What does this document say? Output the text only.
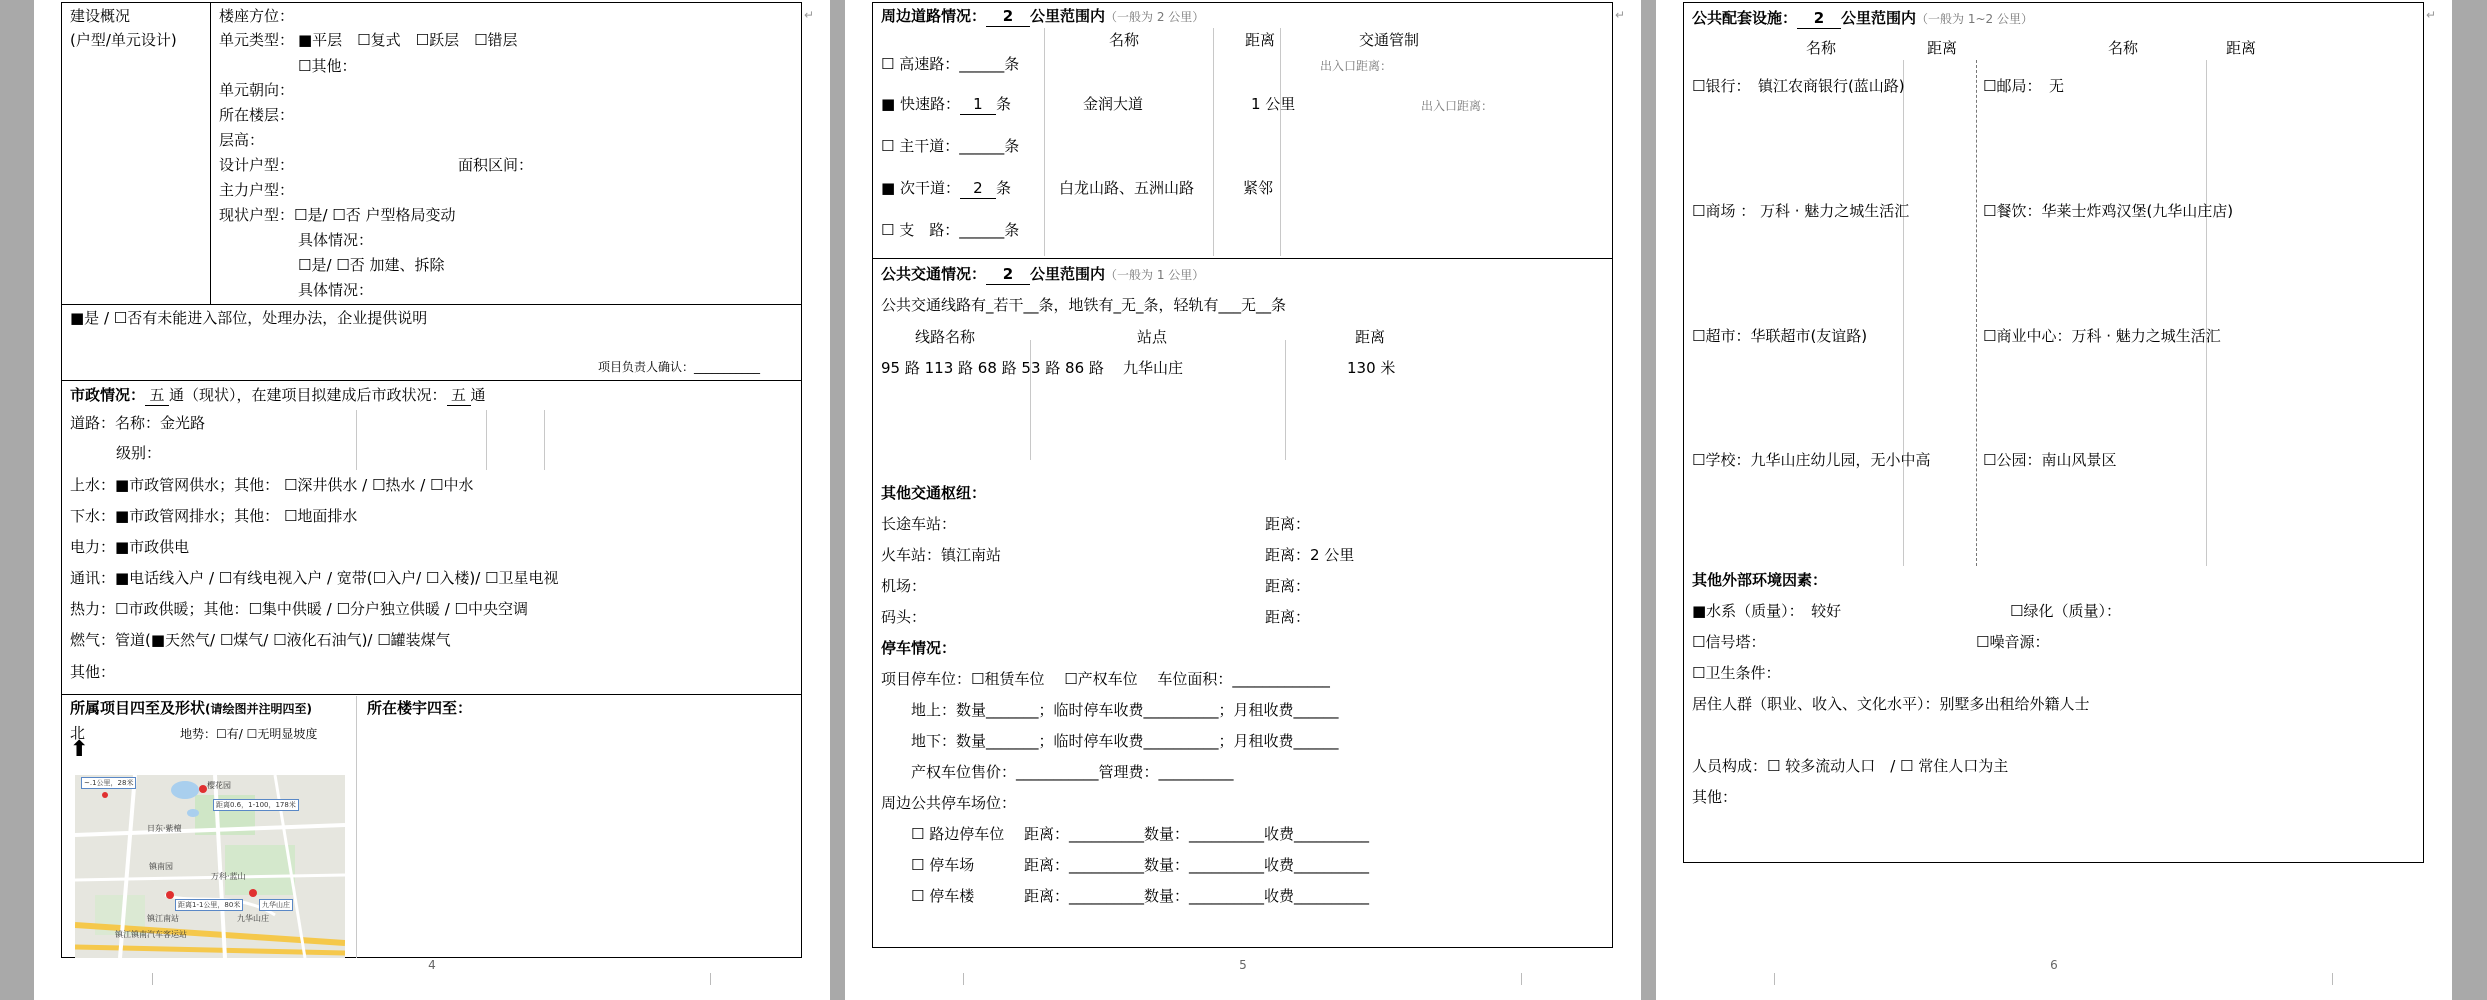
建设概况
(户型/单元设计)
楼座方位：
单元类型： ■平层　☐复式　☐跃层　☐错层
☐其他：
单元朝向：
所在楼层：
层高：
设计户型：	面积区间：
主力户型：
现状户型：☐是/ ☐否 户型格局变动
具体情况：
☐是/ ☐否 加建、拆除
具体情况：
■是 / ☐否有未能进入部位，处理办法，企业提供说明
项目负责人确认：___________
市政情况： 五 通（现状），在建项目拟建成后市政状况： 五 通
道路：名称：金光路
级别：
上水：■市政管网供水；其他： ☐深井供水 / ☐热水 / ☐中水
下水：■市政管网排水；其他： ☐地面排水
电力：■市政供电
通讯：■电话线入户 / ☐有线电视入户 / 宽带(☐入户/ ☐入楼)/ ☐卫星电视
热力：☐市政供暖；其他：☐集中供暖 / ☐分户独立供暖 / ☐中央空调
燃气：管道(■天然气/ ☐煤气/ ☐液化石油气)/ ☐罐装煤气
其他：
所属项目四至及形状(请绘图并注明四至)	所在楼宇四至：
北
⬆
地势：☐有/ ☐无明显坡度
樱花园
距离0.6，1-100，178米
日东·紫檀
镇南园
万科·蓝山
九华山庄
镇江南站
镇江镇南汽车客运站
距离1-1公里，80米	九华山庄
~.1公里，28米
↵
4
周边道路情况： 2 公里范围内（一般为 2 公里）
名称	距离	交通管制
出入口距离：
☐ 高速路：______条
■ 快速路： 1 条	金润大道	1 公里	出入口距离：
☐ 主干道：______条
■ 次干道： 2 条	白龙山路、五洲山路	紧邻
☐ 支　路：______条
公共交通情况： 2 公里范围内（一般为 1 公里）
公共交通线路有_若干__条，地铁有_无_条，轻轨有___无__条
线路名称	站点	距离
95 路 113 路 68 路 53 路 86 路 九华山庄	130 米
其他交通枢纽：
长途车站：	距离：
火车站：镇江南站	距离：2 公里
机场：	距离：
码头：	距离：
停车情况：
项目停车位：☐租赁车位　 ☐产权车位　 车位面积：_____________
地上：数量_______；临时停车收费__________；月租收费______
地下：数量_______；临时停车收费__________；月租收费______
产权车位售价：___________管理费：__________
周边公共停车场位：
☐ 路边停车位　 距离：__________数量：__________收费__________
☐ 停车场　　　 距离：__________数量：__________收费__________
☐ 停车楼　　　 距离：__________数量：__________收费__________
↵
5
公共配套设施： 2 公里范围内（一般为 1~2 公里）
名称	距离	名称	距离
☐银行：　镇江农商银行(蓝山路)	☐邮局：　无
☐商场 ： 万科 · 魅力之城生活汇	☐餐饮：华莱士炸鸡汉堡(九华山庄店)
☐超市：华联超市(友谊路)	☐商业中心：万科 · 魅力之城生活汇
☐学校：九华山庄幼儿园，无小中高	☐公园：南山风景区
其他外部环境因素：
■水系（质量）：　较好	☐绿化（质量）：
☐信号塔：	☐噪音源：
☐卫生条件：
居住人群（职业、收入、文化水平）：别墅多出租给外籍人士
人员构成：☐ 较多流动人口　/ ☐ 常住人口为主
其他：
↵
6
